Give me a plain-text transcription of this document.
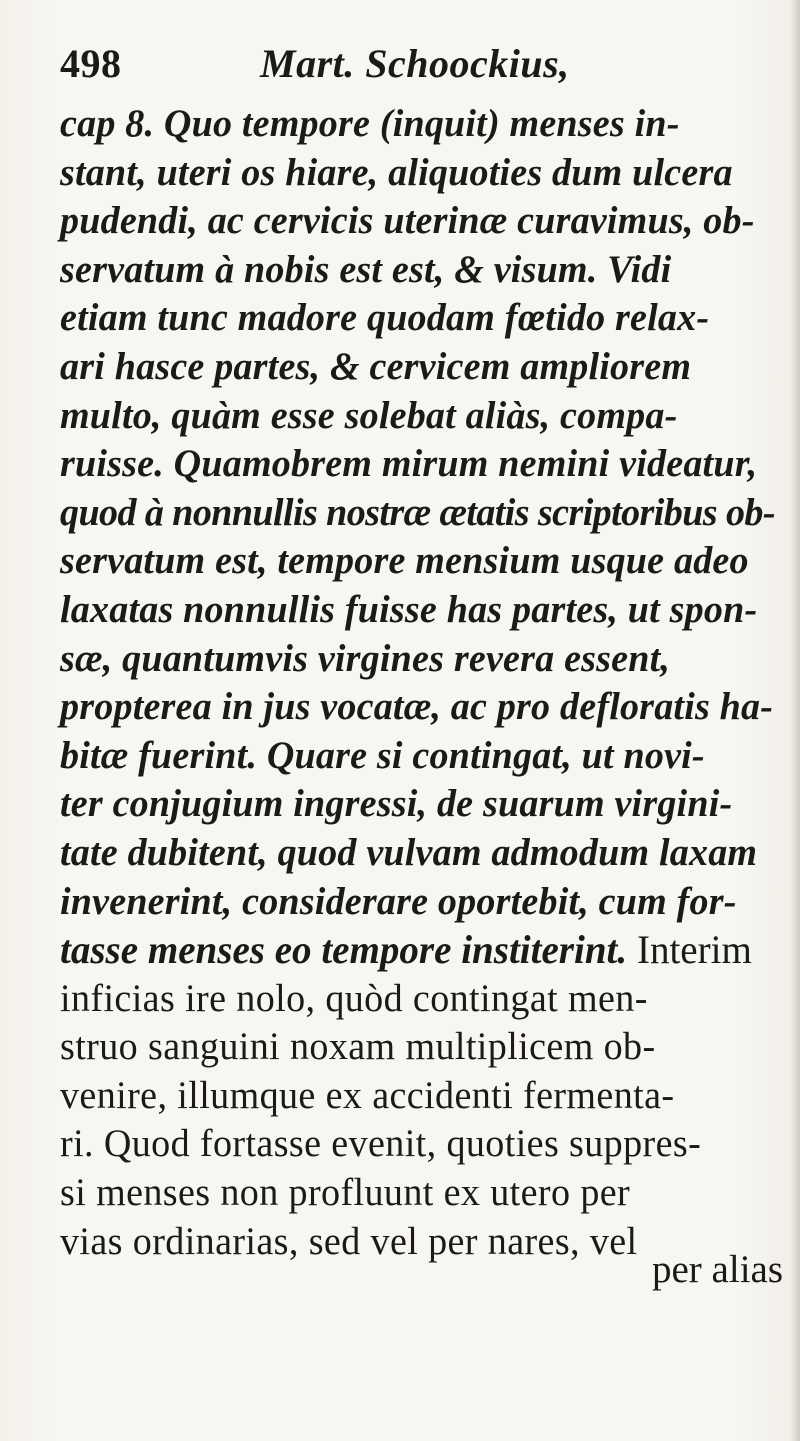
498	Mart. Schoockius,
cap 8. Quo tempore (inquit) menses in-
stant, uteri os hiare, aliquoties dum ulcera
pudendi, ac cervicis uterinæ curavimus, ob-
servatum à nobis est est, & visum. Vidi
etiam tunc madore quodam fœtido relax-
ari hasce partes, & cervicem ampliorem
multo, quàm esse solebat aliàs, compa-
ruisse. Quamobrem mirum nemini videatur,
quod à nonnullis nostræ ætatis scriptoribus ob-
servatum est, tempore mensium usque adeo
laxatas nonnullis fuisse has partes, ut spon-
sæ, quantumvis virgines revera essent,
propterea in jus vocatæ, ac pro defloratis ha-
bitæ fuerint. Quare si contingat, ut novi-
ter conjugium ingressi, de suarum virgini-
tate dubitent, quod vulvam admodum laxam
invenerint, considerare oportebit, cum for-
tasse menses eo tempore institerint. Interim
inficias ire nolo, quòd contingat men-
struo sanguini noxam multiplicem ob-
venire, illumque ex accidenti fermenta-
ri. Quod fortasse evenit, quoties suppres-
si menses non profluunt ex utero per
vias ordinarias, sed vel per nares, vel
per alias
